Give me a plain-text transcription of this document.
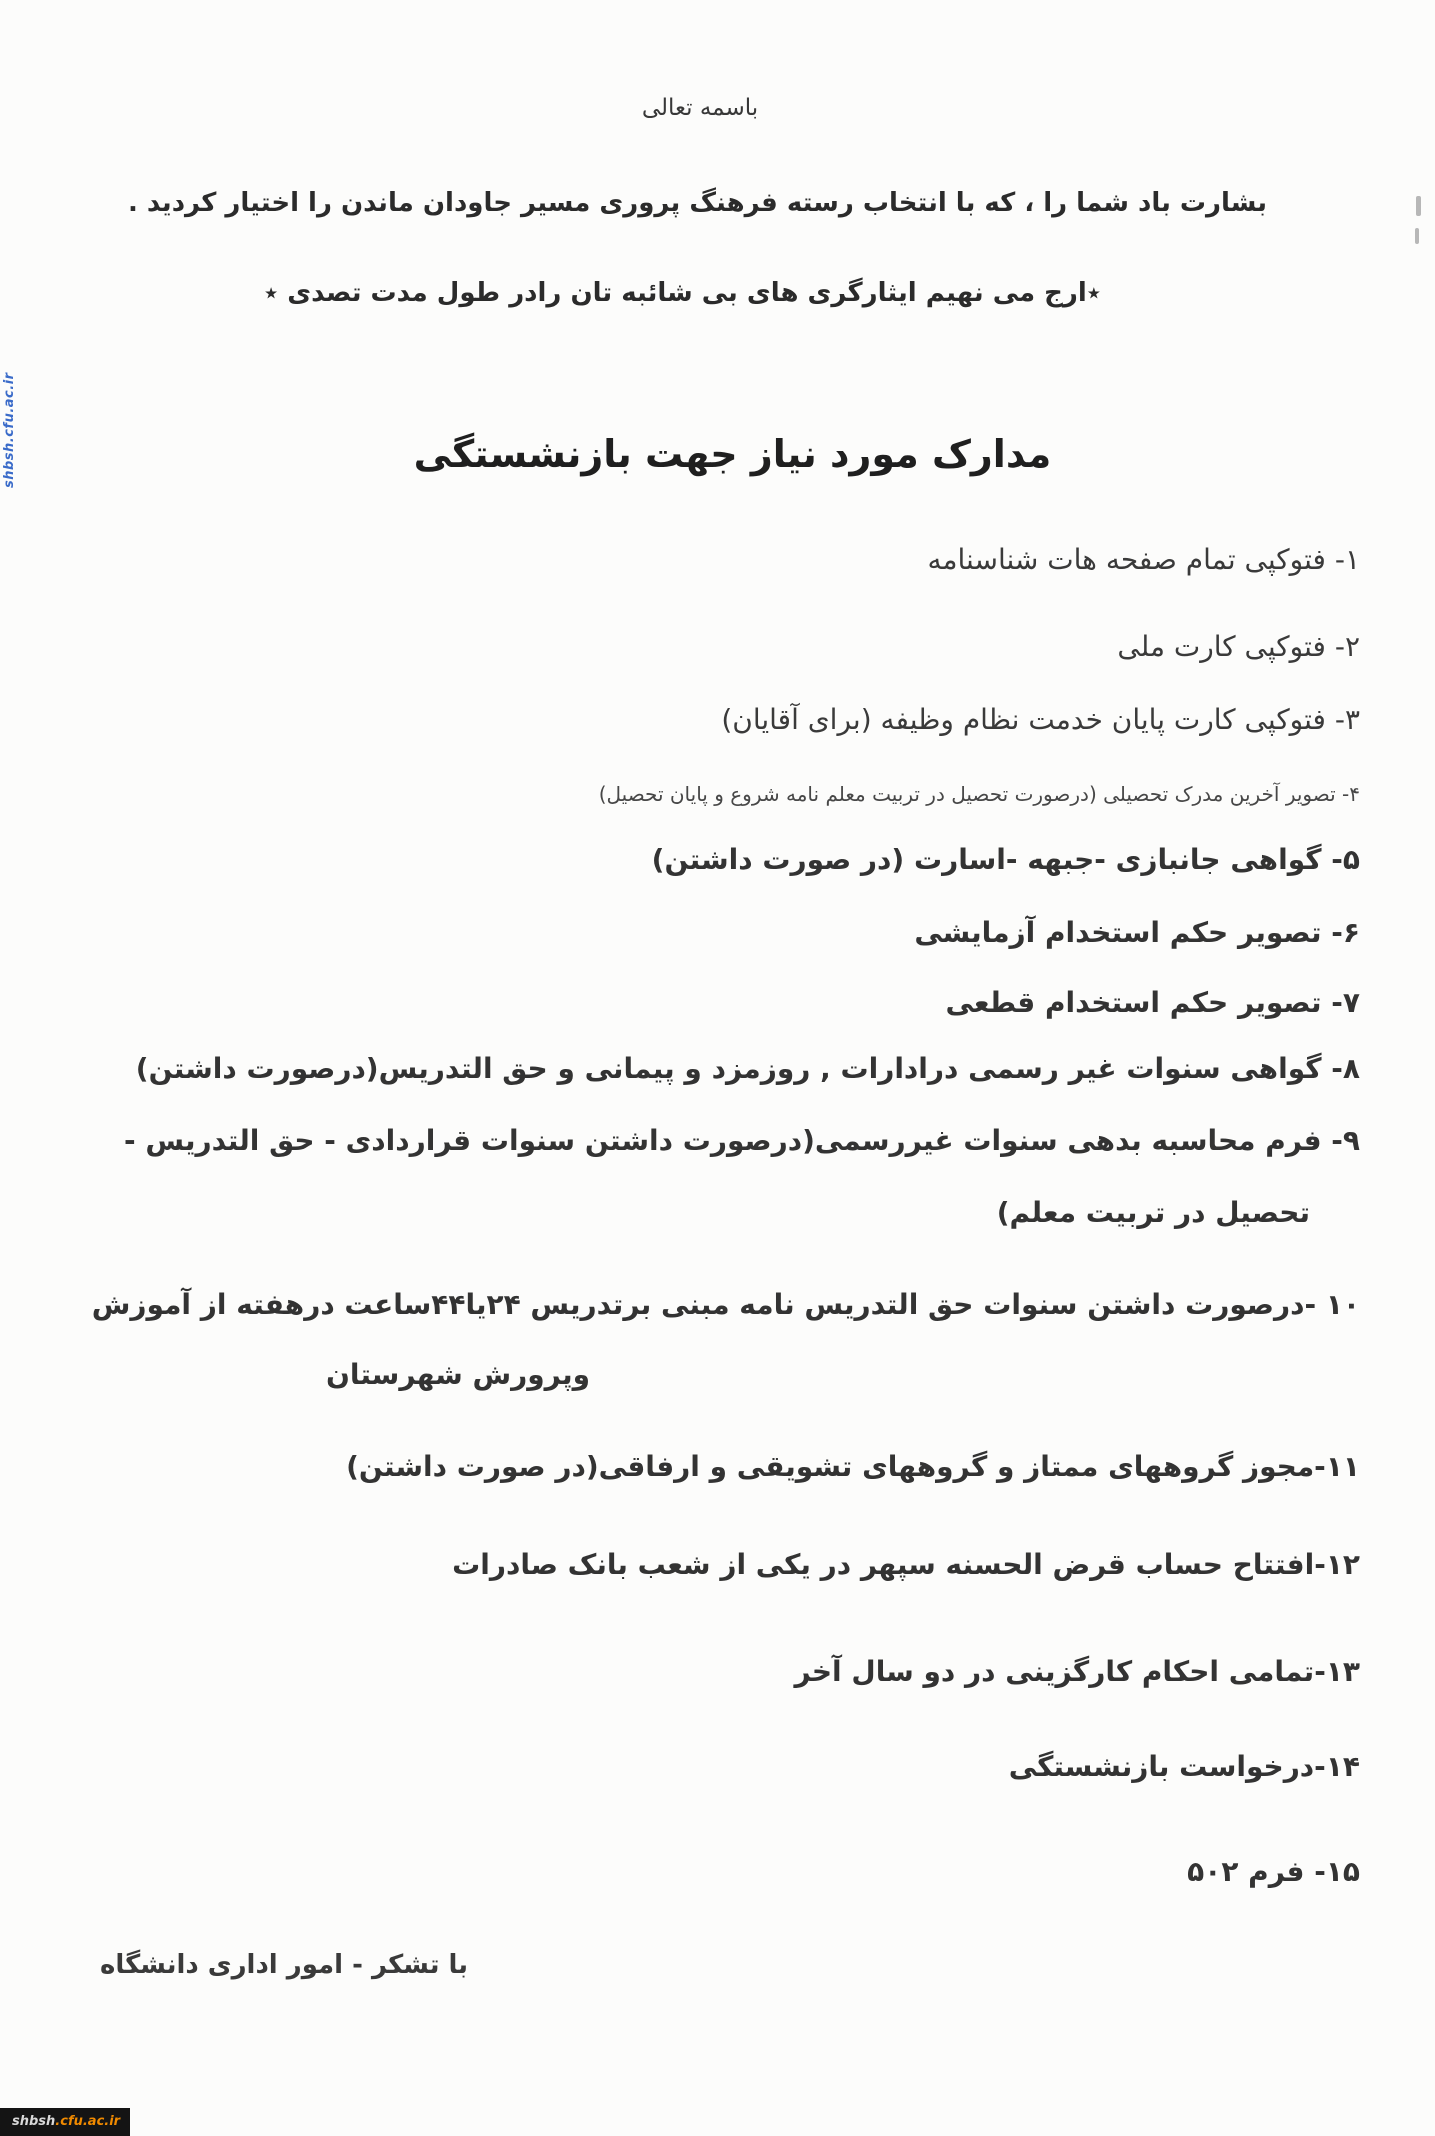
باسمه تعالی
بشارت باد شما را ، که با انتخاب رسته فرهنگ پروری مسیر جاودان ماندن را اختیار کردید .
٭ارج می نهیم ایثارگری های بی شائبه تان رادر طول مدت تصدی ٭
مدارک مورد نیاز جهت بازنشستگی
۱- فتوکپی تمام صفحه هات شناسنامه
۲- فتوکپی کارت ملی
۳- فتوکپی کارت پایان خدمت نظام وظیفه (برای آقایان)
۴- تصویر آخرین مدرک تحصیلی (درصورت تحصیل در تربیت معلم نامه شروع و پایان تحصیل)
۵- گواهی جانبازی -جبهه -اسارت (در صورت داشتن)
۶- تصویر حکم استخدام آزمایشی
۷- تصویر حکم استخدام قطعی
۸- گواهی سنوات غیر رسمی درادارات , روزمزد و پیمانی و حق التدریس(درصورت داشتن)
۹- فرم محاسبه بدهی سنوات غیررسمی(درصورت داشتن سنوات قراردادی - حق التدریس -
تحصیل در تربیت معلم)
۱۰ -درصورت داشتن سنوات حق التدریس نامه مبنی برتدریس ۲۴یا۴۴ساعت درهفته از آموزش
وپرورش شهرستان
۱۱-مجوز گروههای ممتاز و گروههای تشویقی و ارفاقی(در صورت داشتن)
۱۲-افتتاح حساب قرض الحسنه سپهر در یکی از شعب بانک صادرات
۱۳-تمامی احکام کارگزینی در دو سال آخر
۱۴-درخواست بازنشستگی
۱۵- فرم ۵۰۲
با تشکر - امور اداری دانشگاه
shbsh.cfu.ac.ir
shbsh.cfu.ac.ir
